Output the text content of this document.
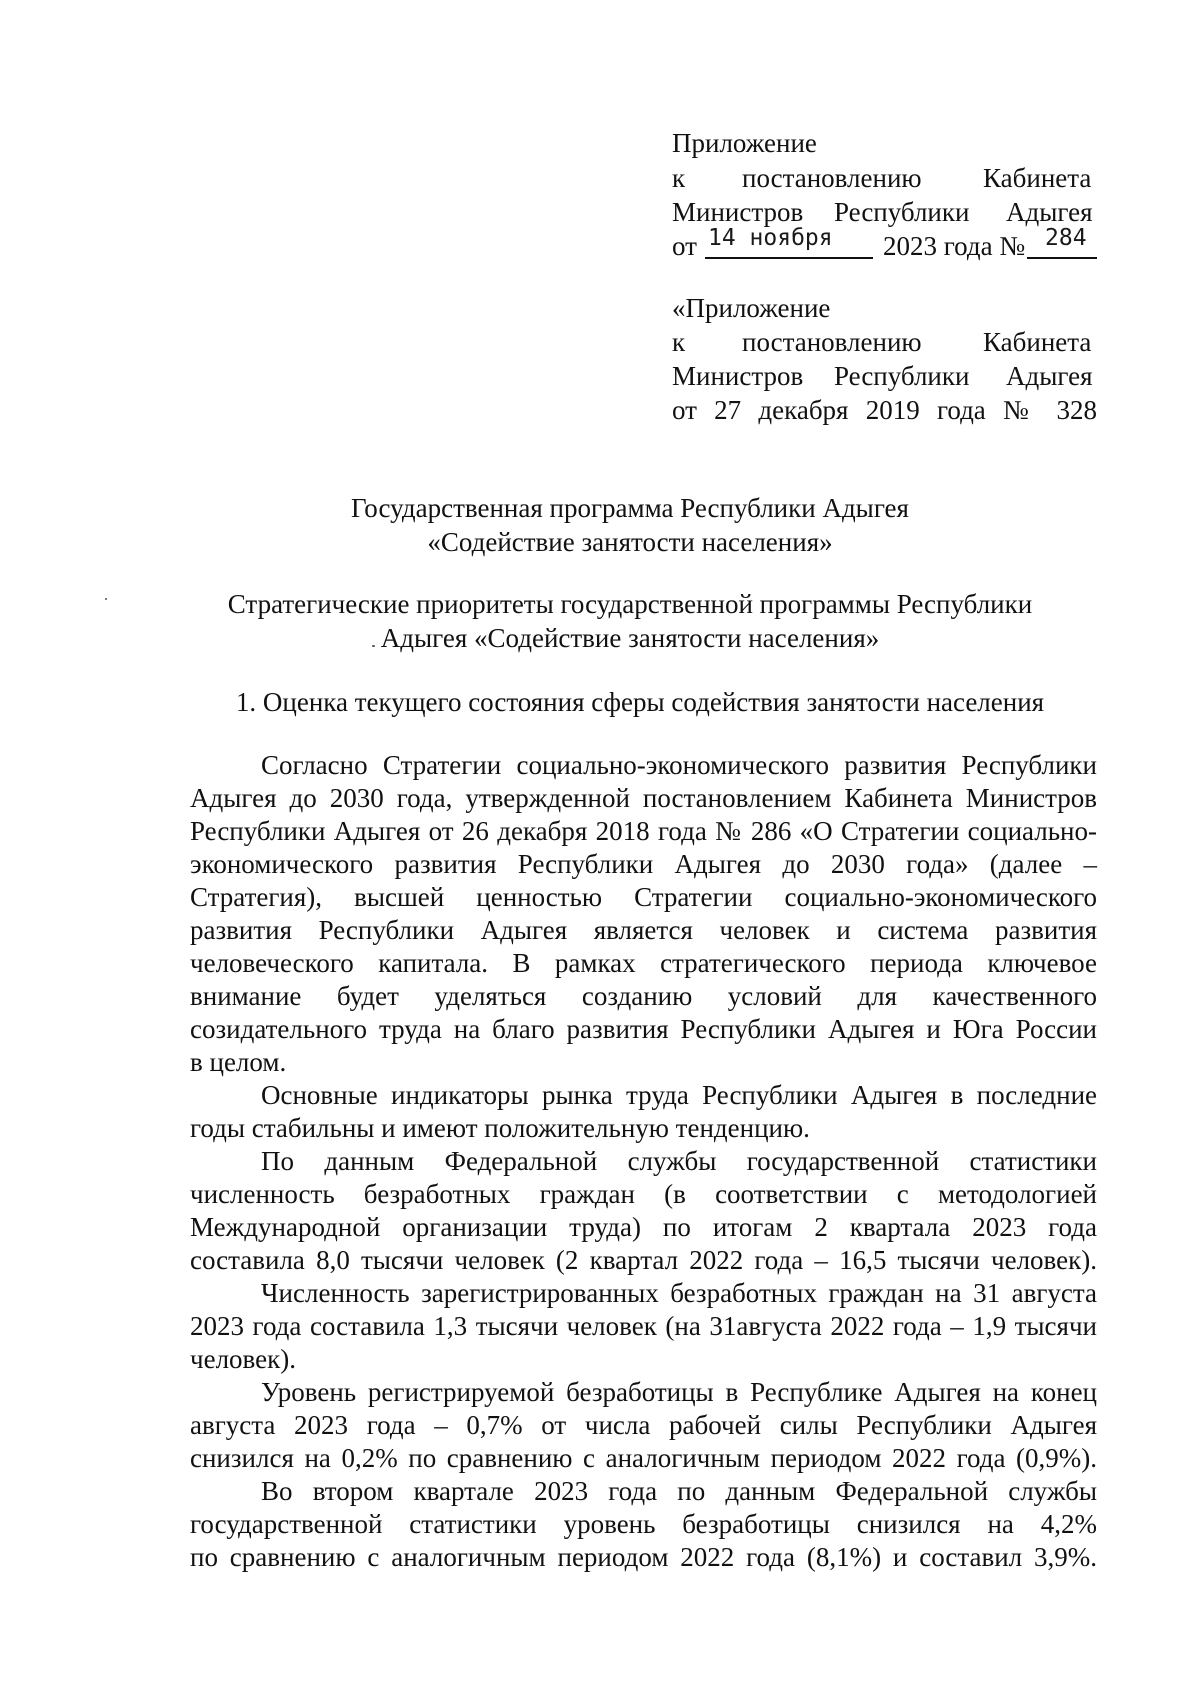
Приложение
к постановлению Кабинета
Министров Республики Адыгея
от 14 ноября 2023 года № 284
«Приложение
к постановлению Кабинета
Министров Республики Адыгея
от 27 декабря 2019 года № 328
Государственная программа Республики Адыгея
«Содействие занятости населения»
Стратегические приоритеты государственной программы Республики
Адыгея «Содействие занятости населения»
1. Оценка текущего состояния сферы содействия занятости населения
Согласно Стратегии социально-экономического развития Республики
Адыгея до 2030 года, утвержденной постановлением Кабинета Министров
Республики Адыгея от 26 декабря 2018 года № 286 «О Стратегии социально-
экономического развития Республики Адыгея до 2030 года» (далее –
Стратегия), высшей ценностью Стратегии социально-экономического
развития Республики Адыгея является человек и система развития
человеческого капитала. В рамках стратегического периода ключевое
внимание будет уделяться созданию условий для качественного
созидательного труда на благо развития Республики Адыгея и Юга России
в целом.
Основные индикаторы рынка труда Республики Адыгея в последние
годы стабильны и имеют положительную тенденцию.
По данным Федеральной службы государственной статистики
численность безработных граждан (в соответствии с методологией
Международной организации труда) по итогам 2 квартала 2023 года
составила 8,0 тысячи человек (2 квартал 2022 года – 16,5 тысячи человек).
Численность зарегистрированных безработных граждан на 31 августа
2023 года составила 1,3 тысячи человек (на 31августа 2022 года – 1,9 тысячи
человек).
Уровень регистрируемой безработицы в Республике Адыгея на конец
августа 2023 года – 0,7% от числа рабочей силы Республики Адыгея
снизился на 0,2% по сравнению с аналогичным периодом 2022 года (0,9%).
Во втором квартале 2023 года по данным Федеральной службы
государственной статистики уровень безработицы снизился на 4,2%
по сравнению с аналогичным периодом 2022 года (8,1%) и составил 3,9%.
